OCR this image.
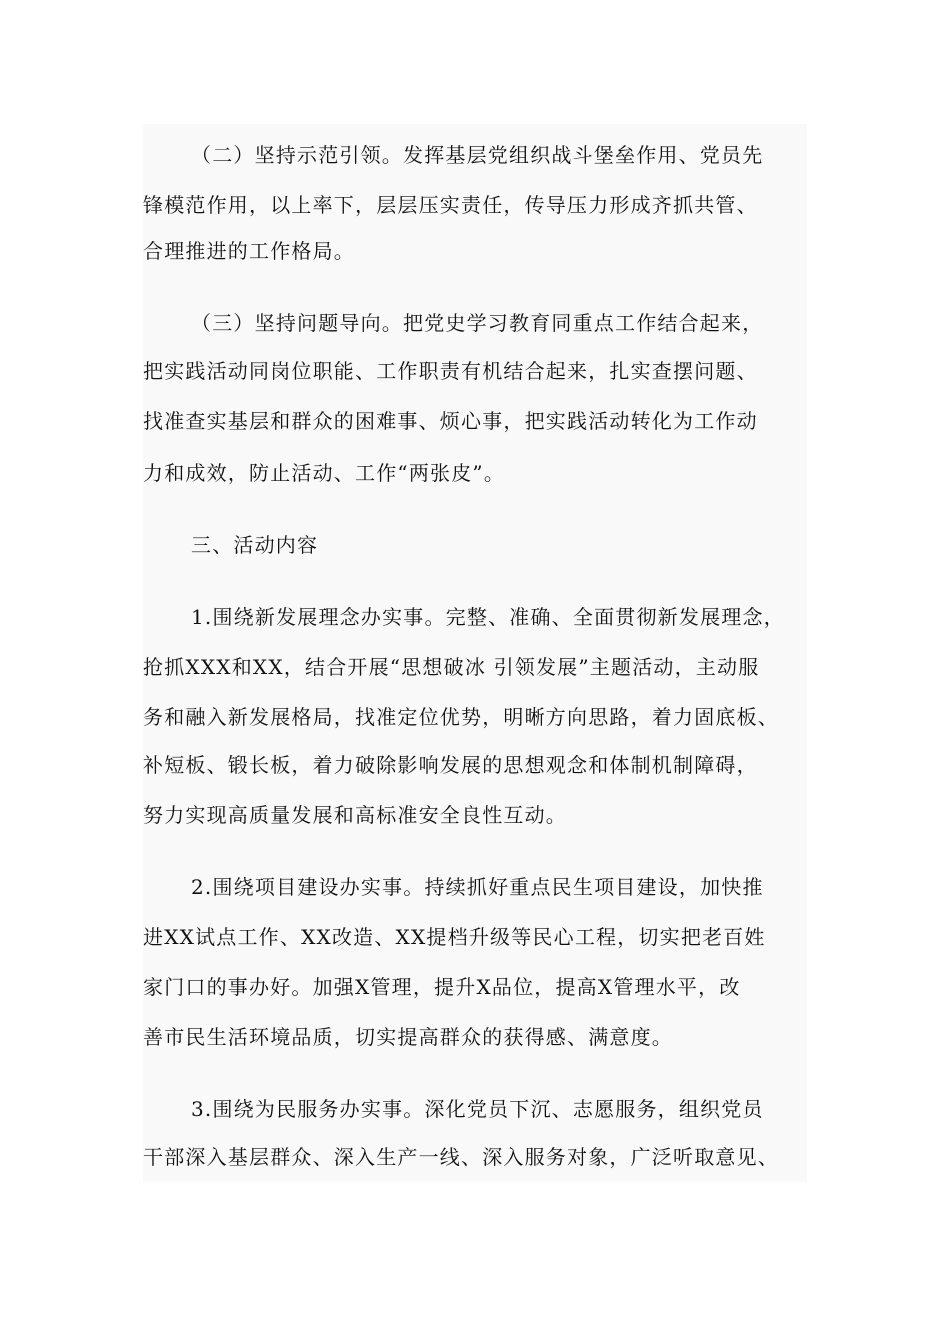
（二）坚持示范引领。发挥基层党组织战斗堡垒作用、党员先
锋模范作用，以上率下，层层压实责任，传导压力形成齐抓共管、
合理推进的工作格局。
（三）坚持问题导向。把党史学习教育同重点工作结合起来，
把实践活动同岗位职能、工作职责有机结合起来，扎实查摆问题、
找准查实基层和群众的困难事、烦心事，把实践活动转化为工作动
力和成效，防止活动、工作“两张皮”。
三、活动内容
1.围绕新发展理念办实事。完整、准确、全面贯彻新发展理念，
抢抓XXX和XX，结合开展“思想破冰 引领发展”主题活动，主动服
务和融入新发展格局，找准定位优势，明晰方向思路，着力固底板、
补短板、锻长板，着力破除影响发展的思想观念和体制机制障碍，
努力实现高质量发展和高标准安全良性互动。
2.围绕项目建设办实事。持续抓好重点民生项目建设，加快推
进XX试点工作、XX改造、XX提档升级等民心工程，切实把老百姓
家门口的事办好。加强X管理，提升X品位，提高X管理水平，改
善市民生活环境品质，切实提高群众的获得感、满意度。
3.围绕为民服务办实事。深化党员下沉、志愿服务，组织党员
干部深入基层群众、深入生产一线、深入服务对象，广泛听取意见、
